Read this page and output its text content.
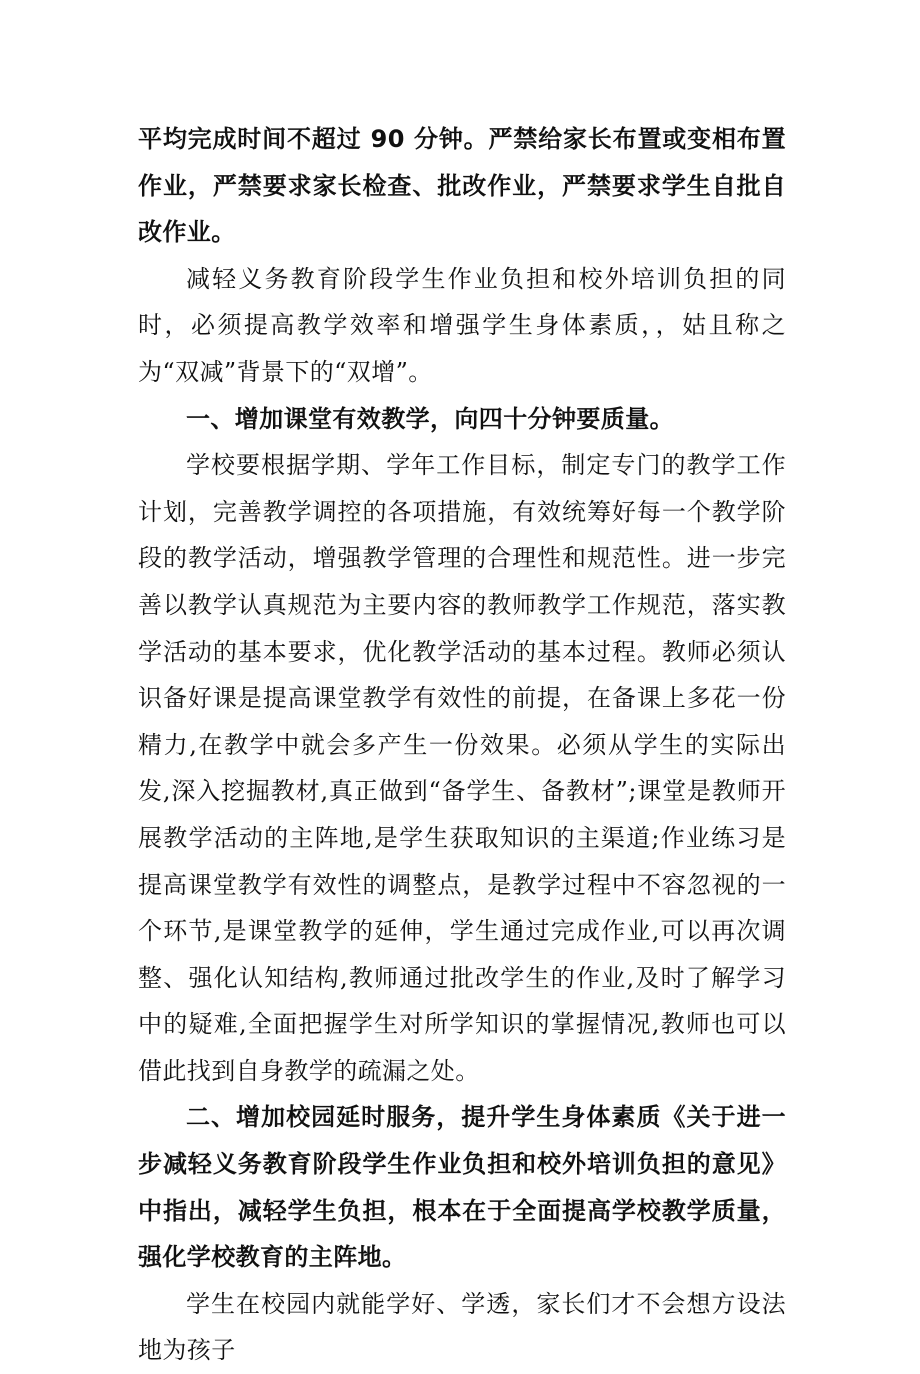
平均完成时间不超过 90 分钟。严禁给家长布置或变相布置作业，严禁要求家长检查、批改作业，严禁要求学生自批自改作业。

减轻义务教育阶段学生作业负担和校外培训负担的同时，必须提高教学效率和增强学生身体素质，，姑且称之为“双减”背景下的“双增”。

一、增加课堂有效教学，向四十分钟要质量。

学校要根据学期、学年工作目标，制定专门的教学工作计划，完善教学调控的各项措施，有效统筹好每一个教学阶段的教学活动，增强教学管理的合理性和规范性。进一步完善以教学认真规范为主要内容的教师教学工作规范，落实教学活动的基本要求，优化教学活动的基本过程。教师必须认识备好课是提高课堂教学有效性的前提，在备课上多花一份精力,在教学中就会多产生一份效果。必须从学生的实际出发,深入挖掘教材,真正做到“备学生、备教材”;课堂是教师开展教学活动的主阵地,是学生获取知识的主渠道;作业练习是提高课堂教学有效性的调整点，是教学过程中不容忽视的一个环节,是课堂教学的延伸，学生通过完成作业,可以再次调整、强化认知结构,教师通过批改学生的作业,及时了解学习中的疑难,全面把握学生对所学知识的掌握情况,教师也可以借此找到自身教学的疏漏之处。

二、增加校园延时服务，提升学生身体素质《关于进一步减轻义务教育阶段学生作业负担和校外培训负担的意见》中指出，减轻学生负担，根本在于全面提高学校教学质量，强化学校教育的主阵地。

学生在校园内就能学好、学透，家长们才不会想方设法地为孩子
